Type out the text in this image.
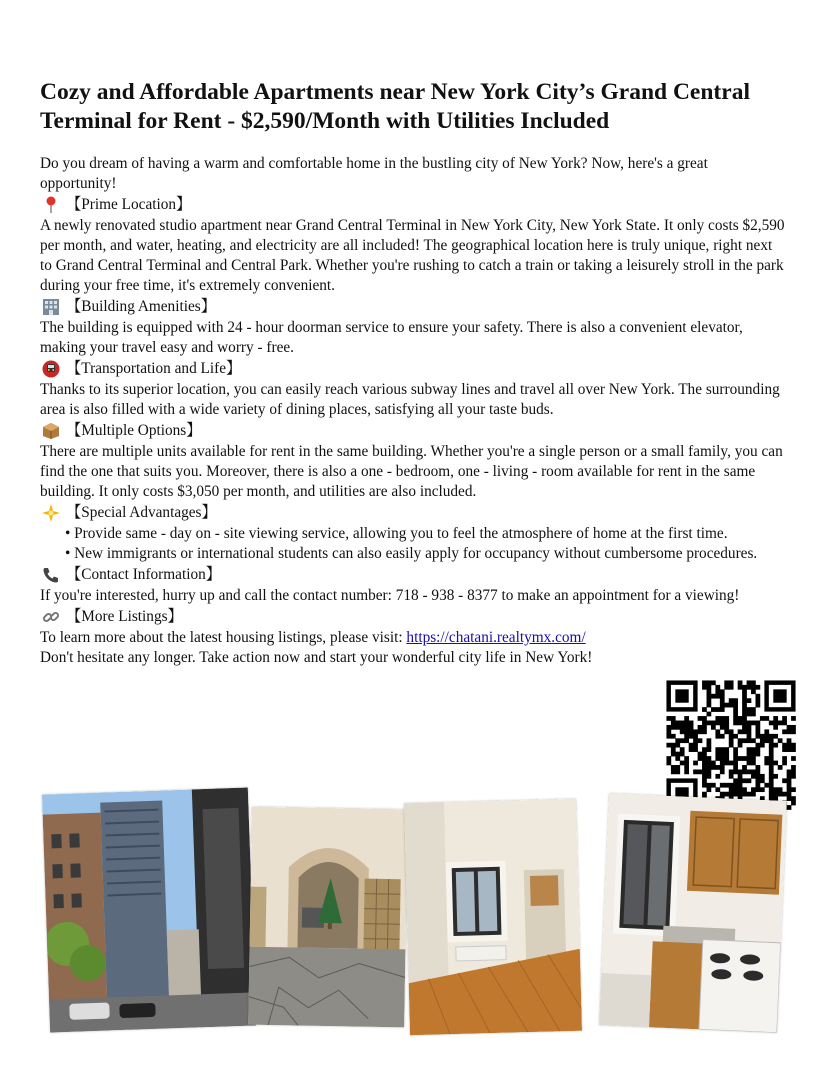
Cozy and Affordable Apartments near New York City’s Grand Central Terminal for Rent - $2,590/Month with Utilities Included

Do you dream of having a warm and comfortable home in the bustling city of New York? Now, here's a great opportunity!

【Prime Location】

A newly renovated studio apartment near Grand Central Terminal in New York City, New York State. It only costs $2,590 per month, and water, heating, and electricity are all included! The geographical location here is truly unique, right next to Grand Central Terminal and Central Park. Whether you're rushing to catch a train or taking a leisurely stroll in the park during your free time, it's extremely convenient.

【Building Amenities】

The building is equipped with 24 - hour doorman service to ensure your safety. There is also a convenient elevator, making your travel easy and worry - free.

【Transportation and Life】

Thanks to its superior location, you can easily reach various subway lines and travel all over New York. The surrounding area is also filled with a wide variety of dining places, satisfying all your taste buds.

【Multiple Options】

There are multiple units available for rent in the same building. Whether you're a single person or a small family, you can find the one that suits you. Moreover, there is also a one - bedroom, one - living - room available for rent in the same building. It only costs $3,050 per month, and utilities are also included.

【Special Advantages】
• Provide same - day on - site viewing service, allowing you to feel the atmosphere of home at the first time.
• New immigrants or international students can also easily apply for occupancy without cumbersome procedures.
【Contact Information】

If you're interested, hurry up and call the contact number: 718 - 938 - 8377 to make an appointment for a viewing!

【More Listings】

To learn more about the latest housing listings, please visit: https://chatani.realtymx.com/

Don't hesitate any longer. Take action now and start your wonderful city life in New York!
